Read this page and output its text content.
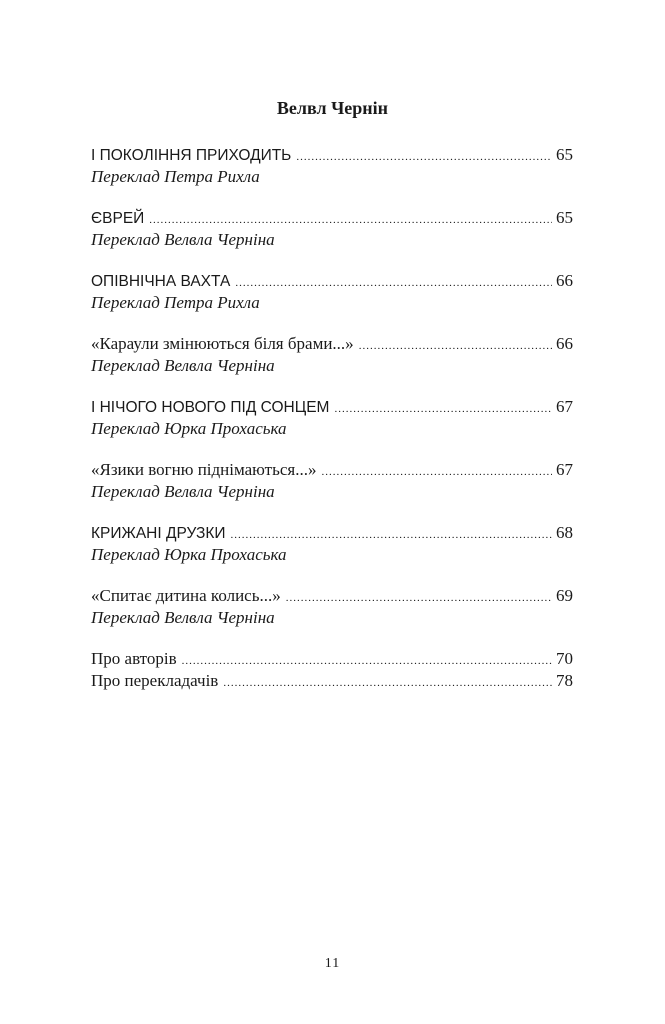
Велвл Чернін
І ПОКОЛІННЯ ПРИХОДИТЬ .....	65
Переклад Петра Рихла
ЄВРЕЙ .....	65
Переклад Велвла Черніна
ОПІВНІЧНА ВАХТА .....	66
Переклад Петра Рихла
«Караули змінюються біля брами...» .....	66
Переклад Велвла Черніна
І НІЧОГО НОВОГО ПІД СОНЦЕМ .....	67
Переклад Юрка Прохаська
«Язики вогню піднімаються...» .....	67
Переклад Велвла Черніна
КРИЖАНІ ДРУЗКИ .....	68
Переклад Юрка Прохаська
«Спитає дитина колись...» .....	69
Переклад Велвла Черніна
Про авторів .....	70
Про перекладачів .....	78
11
